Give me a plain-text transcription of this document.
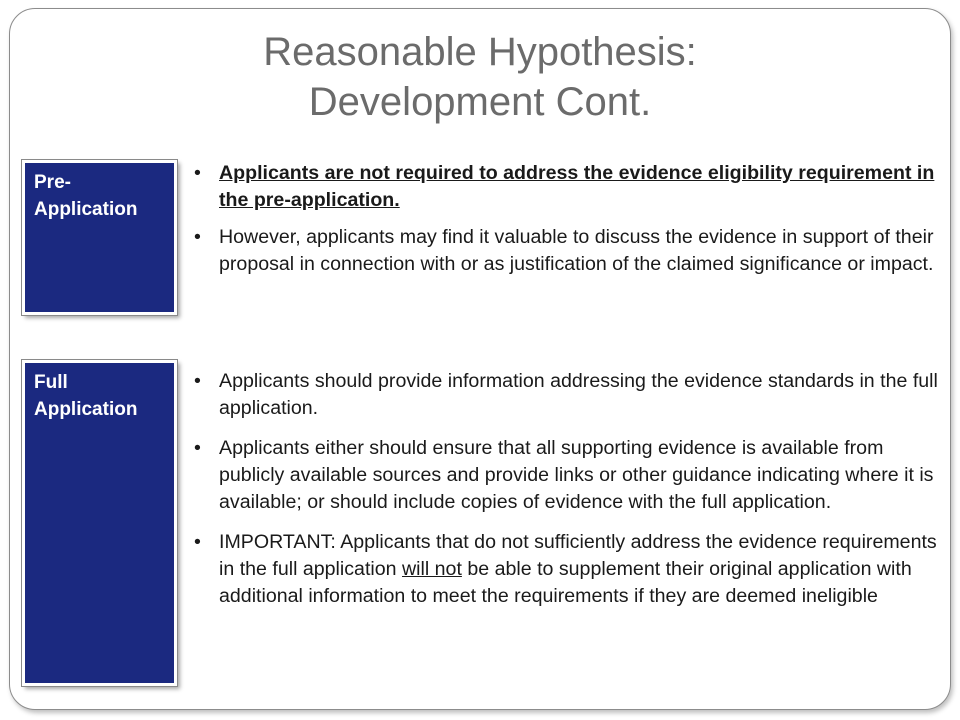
Reasonable Hypothesis:
Development Cont.
Pre-Application
• Applicants are not required to address the evidence eligibility requirement in the pre-application.
• However, applicants may find it valuable to discuss the evidence in support of their proposal in connection with or as justification of the claimed significance or impact.
Full Application
• Applicants should provide information addressing the evidence standards in the full application.
• Applicants either should ensure that all supporting evidence is available from publicly available sources and provide links or other guidance indicating where it is available; or should include copies of evidence with the full application.
• IMPORTANT: Applicants that do not sufficiently address the evidence requirements in the full application will not be able to supplement their original application with additional information to meet the requirements if they are deemed ineligible
